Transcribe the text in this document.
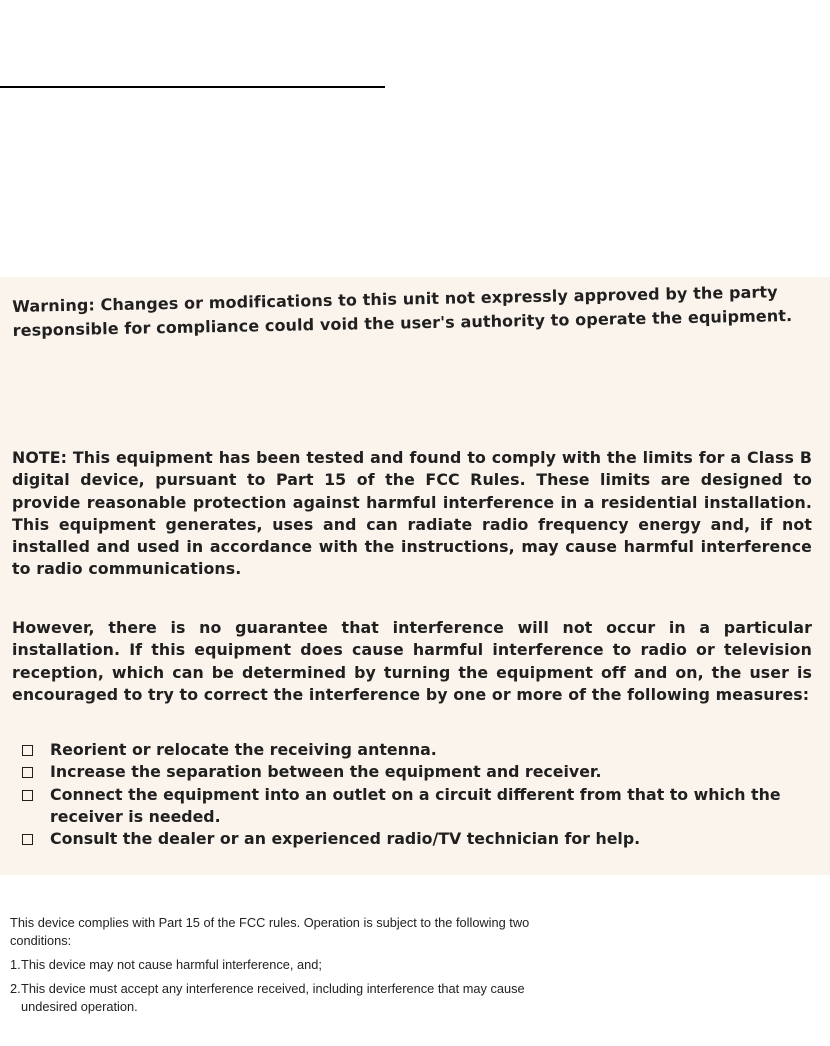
Warning: Changes or modifications to this unit not expressly approved by the party
responsible for compliance could void the user's authority to operate the equipment.

NOTE: This equipment has been tested and found to comply with the limits for a Class B digital device, pursuant to Part 15 of the FCC Rules. These limits are designed to provide reasonable protection against harmful interference in a residential installation. This equipment generates, uses and can radiate radio frequency energy and, if not installed and used in accordance with the instructions, may cause harmful interference to radio communications.

However, there is no guarantee that interference will not occur in a particular installation. If this equipment does cause harmful interference to radio or television reception, which can be determined by turning the equipment off and on, the user is encouraged to try to correct the interference by one or more of the following measures:

Reorient or relocate the receiving antenna.
Increase the separation between the equipment and receiver.
Connect the equipment into an outlet on a circuit different from that to which the receiver is needed.
Consult the dealer or an experienced radio/TV technician for help.

This device complies with Part 15 of the FCC rules. Operation is subject to the following two conditions:

1. This device may not cause harmful interference, and;
2. This device must accept any interference received, including interference that may cause undesired operation.
